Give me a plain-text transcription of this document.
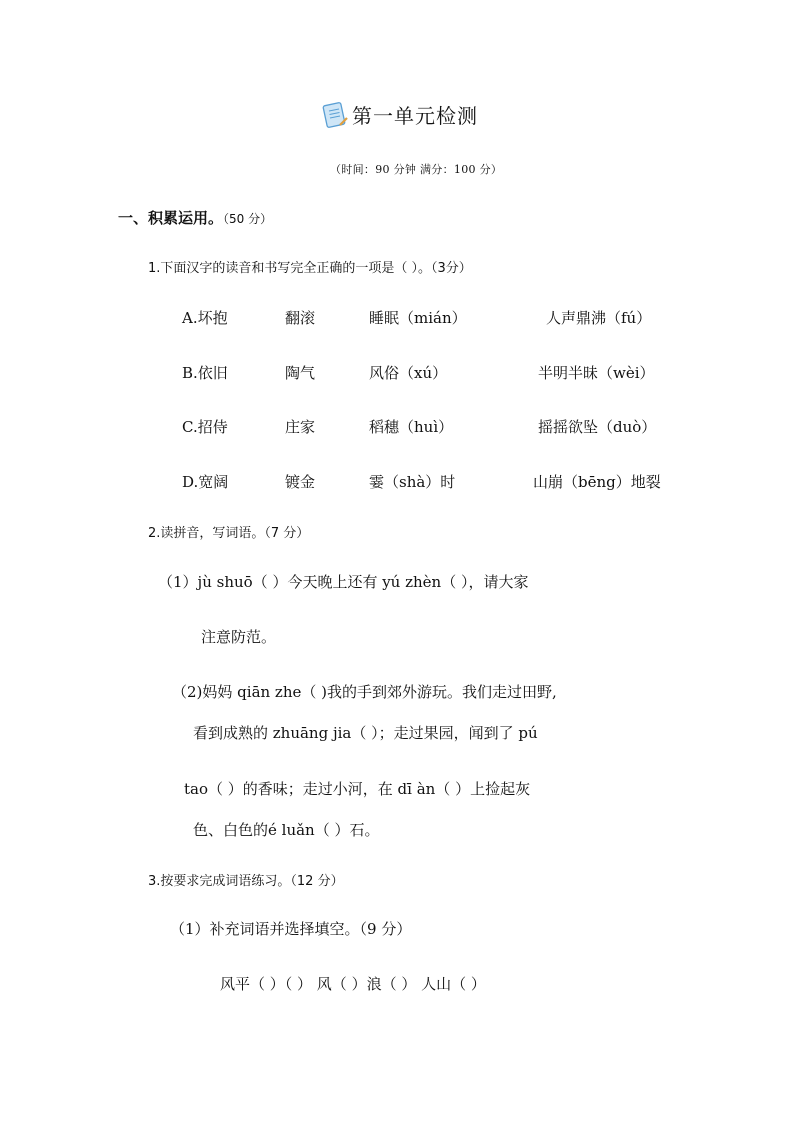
第一单元检测
（时间：90 分钟 满分：100 分）
一、积累运用。（50 分）
1.下面汉字的读音和书写完全正确的一项是（ ）。（3分）
A.坏抱	翻滚	睡眠（mián）	人声鼎沸（fú）
B.依旧	陶气	风俗（xú）	半明半昧（wèi）
C.招侍	庄家	稻穗（huì）	摇摇欲坠（duò）
D.宽阔	镀金	霎（shà）时	山崩（bēng）地裂
2.读拼音，写词语。（7 分）
（1）jù shuō（ ）今天晚上还有 yú zhèn（ ），请大家
注意防范。
（2)妈妈 qiān zhe（ )我的手到郊外游玩。我们走过田野,
看到成熟的 zhuāng jia（ ）；走过果园，闻到了 pú
tao（ ）的香味；走过小河，在 dī àn（ ）上捡起灰
色、白色的é luǎn（ ）石。
3.按要求完成词语练习。（12 分）
（1）补充词语并选择填空。（9 分）
风平（ ）（ ） 风（ ）浪（ ） 人山（ ）
